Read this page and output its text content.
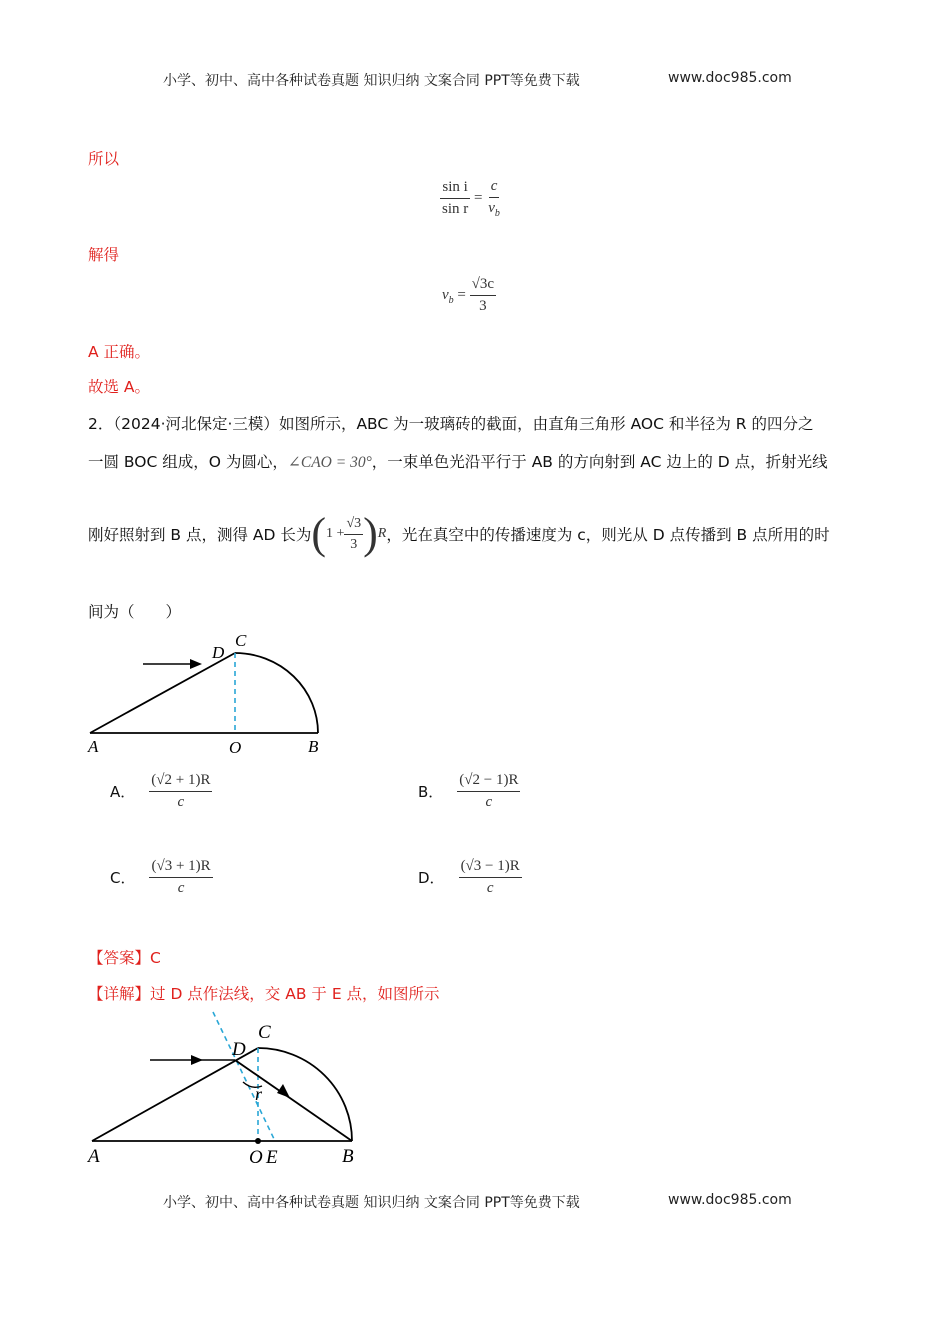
小学、初中、高中各种试卷真题 知识归纳 文案合同 PPT等免费下载	www.doc985.com
所以
$\frac{\text{sin i}}{\text{sin r}} = \frac{c}{v_b}$
解得
$v_b = \frac{√3c}{3}$
A 正确。
故选 A。
2．（2024·河北保定·三模）如图所示，ABC 为一玻璃砖的截面，由直角三角形 AOC 和半径为 R 的四分之
一圆 BOC 组成，O 为圆心，∠CAO = 30°，一束单色光沿平行于 AB 的方向射到 AC 边上的 D 点，折射光线
刚好照射到 B 点，测得 AD 长为 ( $1 + \frac{√3}{3}$ ) R ，光在真空中的传播速度为 c，则光从 D 点传播到 B 点所用的时
间为（　　）
D
C
A	O	B
A． $\frac{(√2 + 1)R}{c}$	B． $\frac{(√2 - 1)R}{c}$
C． $\frac{(√3 + 1)R}{c}$	D． $\frac{(√3 - 1)R}{c}$
【答案】C
【详解】过 D 点作法线，交 AB 于 E 点，如图所示
D
C
r
A	O E	B
小学、初中、高中各种试卷真题 知识归纳 文案合同 PPT等免费下载	www.doc985.com
